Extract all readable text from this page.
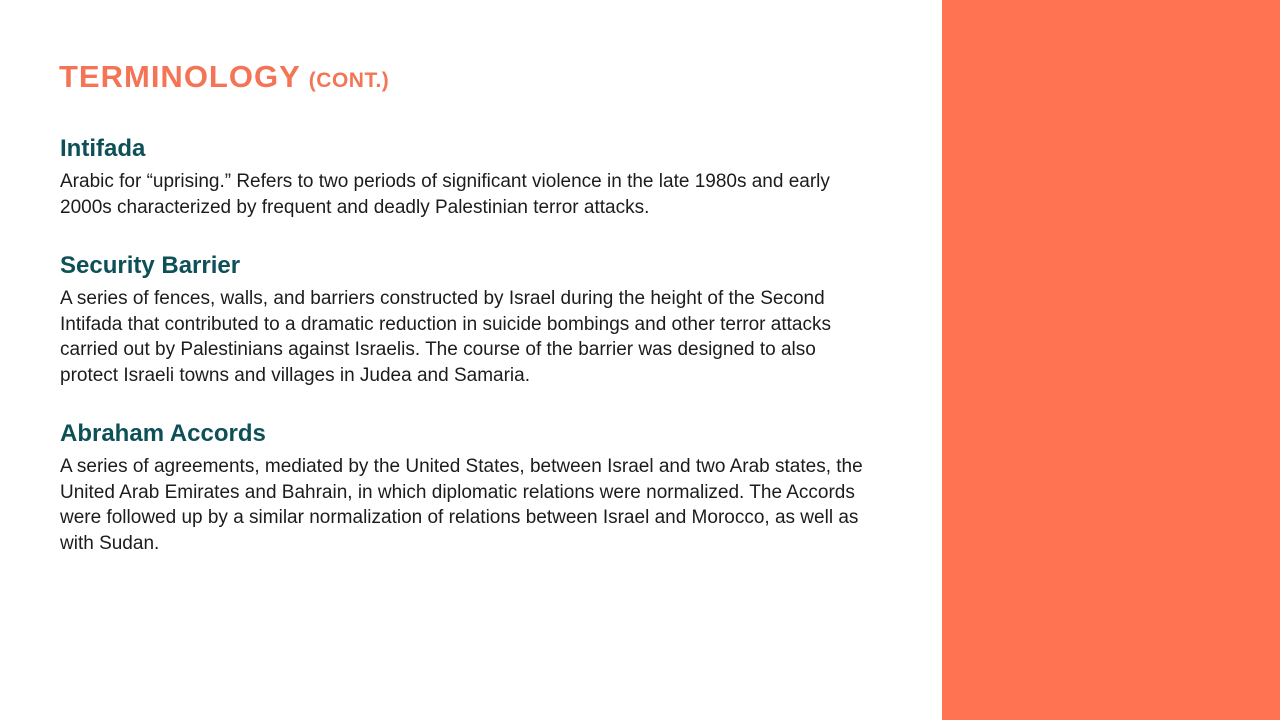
TERMINOLOGY (CONT.)
Intifada

Arabic for “uprising.” Refers to two periods of significant violence in the late 1980s and early 2000s characterized by frequent and deadly Palestinian terror attacks.

Security Barrier

A series of fences, walls, and barriers constructed by Israel during the height of the Second Intifada that contributed to a dramatic reduction in suicide bombings and other terror attacks carried out by Palestinians against Israelis. The course of the barrier was designed to also protect Israeli towns and villages in Judea and Samaria.

Abraham Accords

A series of agreements, mediated by the United States, between Israel and two Arab states, the United Arab Emirates and Bahrain, in which diplomatic relations were normalized. The Accords were followed up by a similar normalization of relations between Israel and Morocco, as well as with Sudan.
